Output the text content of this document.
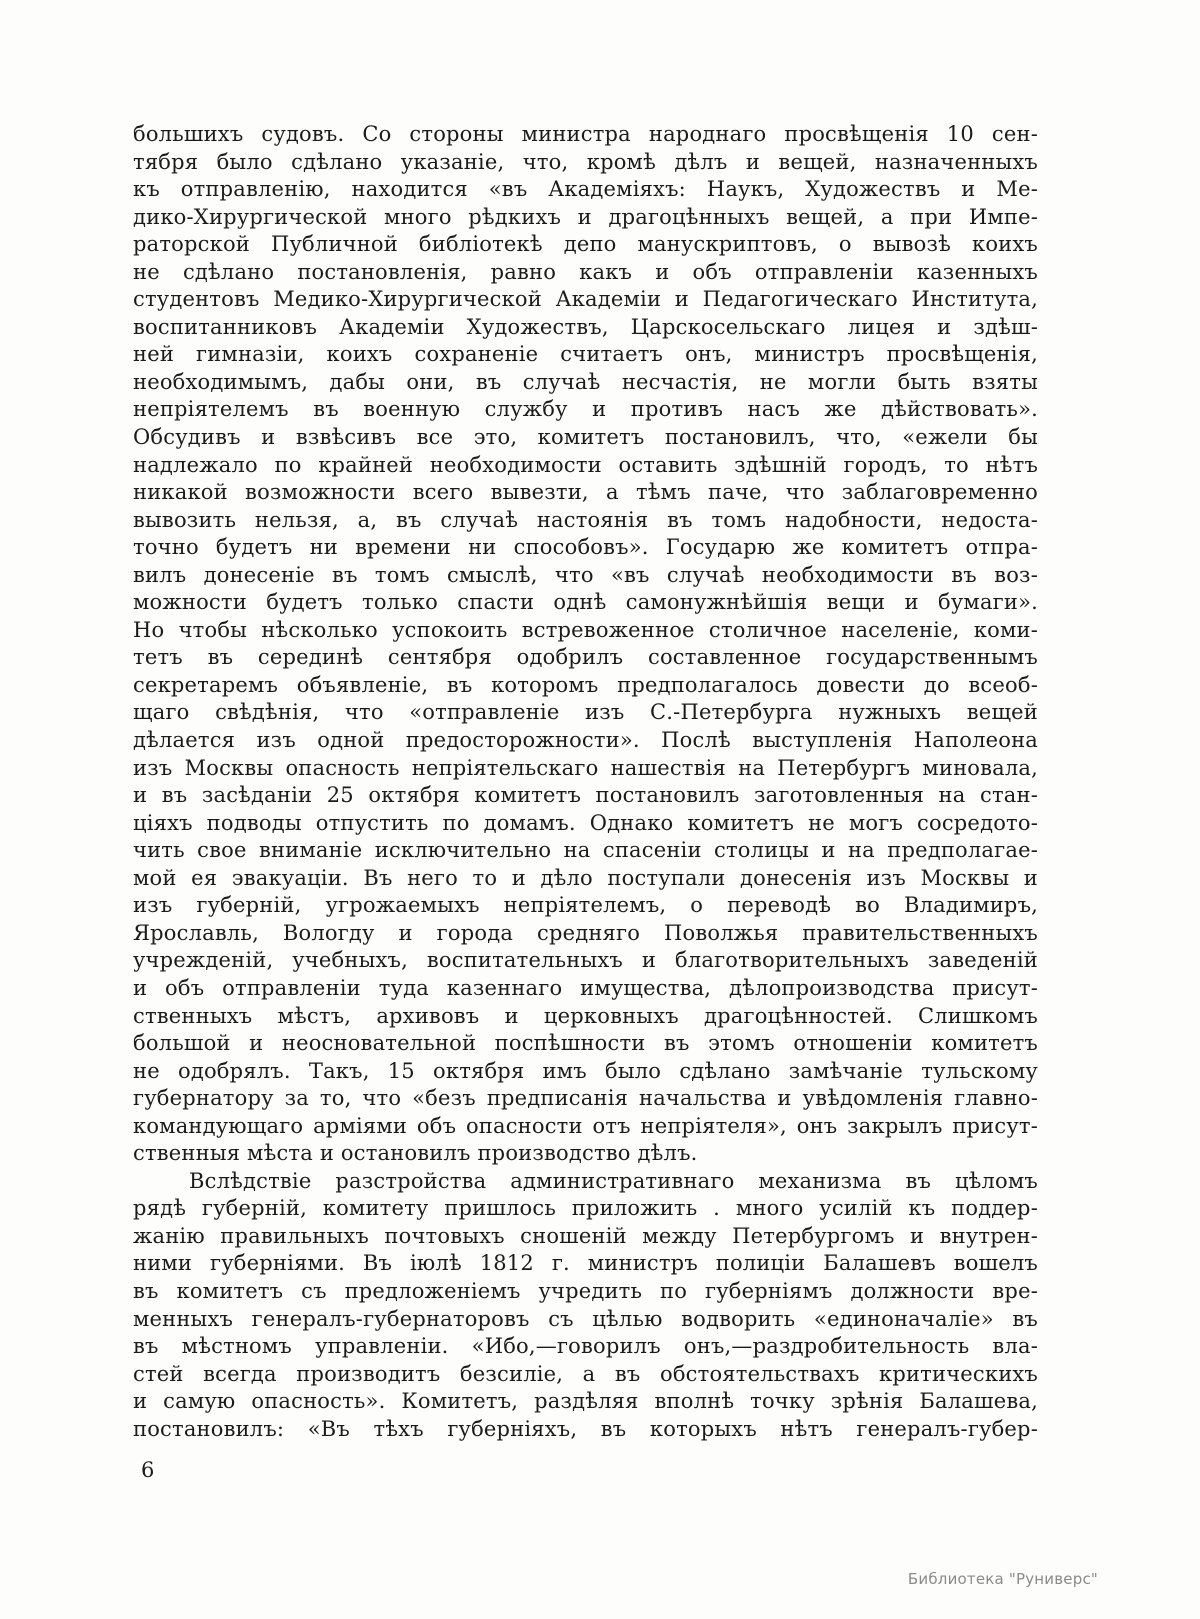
большихъ судовъ. Со стороны министра народнаго просвѣщенія 10 сен-
тября было сдѣлано указаніе, что, кромѣ дѣлъ и вещей, назначенныхъ
къ отправленію, находится «въ Академіяхъ: Наукъ, Художествъ и Ме-
дико-Хирургической много рѣдкихъ и драгоцѣнныхъ вещей, а при Импе-
раторской Публичной библіотекѣ депо манускриптовъ, о вывозѣ коихъ
не сдѣлано постановленія, равно какъ и объ отправленіи казенныхъ
студентовъ Медико-Хирургической Академіи и Педагогическаго Института,
воспитанниковъ Академіи Художествъ, Царскосельскаго лицея и здѣш-
ней гимназіи, коихъ сохраненіе считаетъ онъ, министръ просвѣщенія,
необходимымъ, дабы они, въ случаѣ несчастія, не могли быть взяты
непріятелемъ въ военную службу и противъ насъ же дѣйствовать».
Обсудивъ и взвѣсивъ все это, комитетъ постановилъ, что, «ежели бы
надлежало по крайней необходимости оставить здѣшній городъ, то нѣтъ
никакой возможности всего вывезти, а тѣмъ паче, что заблаговременно
вывозить нельзя, а, въ случаѣ настоянія въ томъ надобности, недоста-
точно будетъ ни времени ни способовъ». Государю же комитетъ отпра-
вилъ донесеніе въ томъ смыслѣ, что «въ случаѣ необходимости въ воз-
можности будетъ только спасти однѣ самонужнѣйшія вещи и бумаги».
Но чтобы нѣсколько успокоить встревоженное столичное населеніе, коми-
тетъ въ серединѣ сентября одобрилъ составленное государственнымъ
секретаремъ объявленіе, въ которомъ предполагалось довести до всеоб-
щаго свѣдѣнія, что «отправленіе изъ С.-Петербурга нужныхъ вещей
дѣлается изъ одной предосторожности». Послѣ выступленія Наполеона
изъ Москвы опасность непріятельскаго нашествія на Петербургъ миновала,
и въ засѣданіи 25 октября комитетъ постановилъ заготовленныя на стан-
ціяхъ подводы отпустить по домамъ. Однако комитетъ не могъ сосредото-
чить свое вниманіе исключительно на спасеніи столицы и на предполагае-
мой ея эвакуаціи. Въ него то и дѣло поступали донесенія изъ Москвы и
изъ губерній, угрожаемыхъ непріятелемъ, о переводѣ во Владимиръ,
Ярославль, Вологду и города средняго Поволжья правительственныхъ
учрежденій, учебныхъ, воспитательныхъ и благотворительныхъ заведеній
и объ отправленіи туда казеннаго имущества, дѣлопроизводства присут-
ственныхъ мѣстъ, архивовъ и церковныхъ драгоцѣнностей. Слишкомъ
большой и неосновательной поспѣшности въ этомъ отношеніи комитетъ
не одобрялъ. Такъ, 15 октября имъ было сдѣлано замѣчаніе тульскому
губернатору за то, что «безъ предписанія начальства и увѣдомленія главно-
командующаго арміями объ опасности отъ непріятеля», онъ закрылъ присут-
ственныя мѣста и остановилъ производство дѣлъ.
Вслѣдствіе разстройства административнаго механизма въ цѣломъ
рядѣ губерній, комитету пришлось приложить . много усилій къ поддер-
жанію правильныхъ почтовыхъ сношеній между Петербургомъ и внутрен-
ними губерніями. Въ іюлѣ 1812 г. министръ полиціи Балашевъ вошелъ
въ комитетъ съ предложеніемъ учредить по губерніямъ должности вре-
менныхъ генералъ-губернаторовъ съ цѣлью водворить «единоначаліе» въ
въ мѣстномъ управленіи. «Ибо,—говорилъ онъ,—раздробительность вла-
стей всегда производитъ безсиліе, а въ обстоятельствахъ критическихъ
и самую опасность». Комитетъ, раздѣляя вполнѣ точку зрѣнія Балашева,
постановилъ: «Въ тѣхъ губерніяхъ, въ которыхъ нѣтъ генералъ-губер-
6
Библиотека "Руниверс"
